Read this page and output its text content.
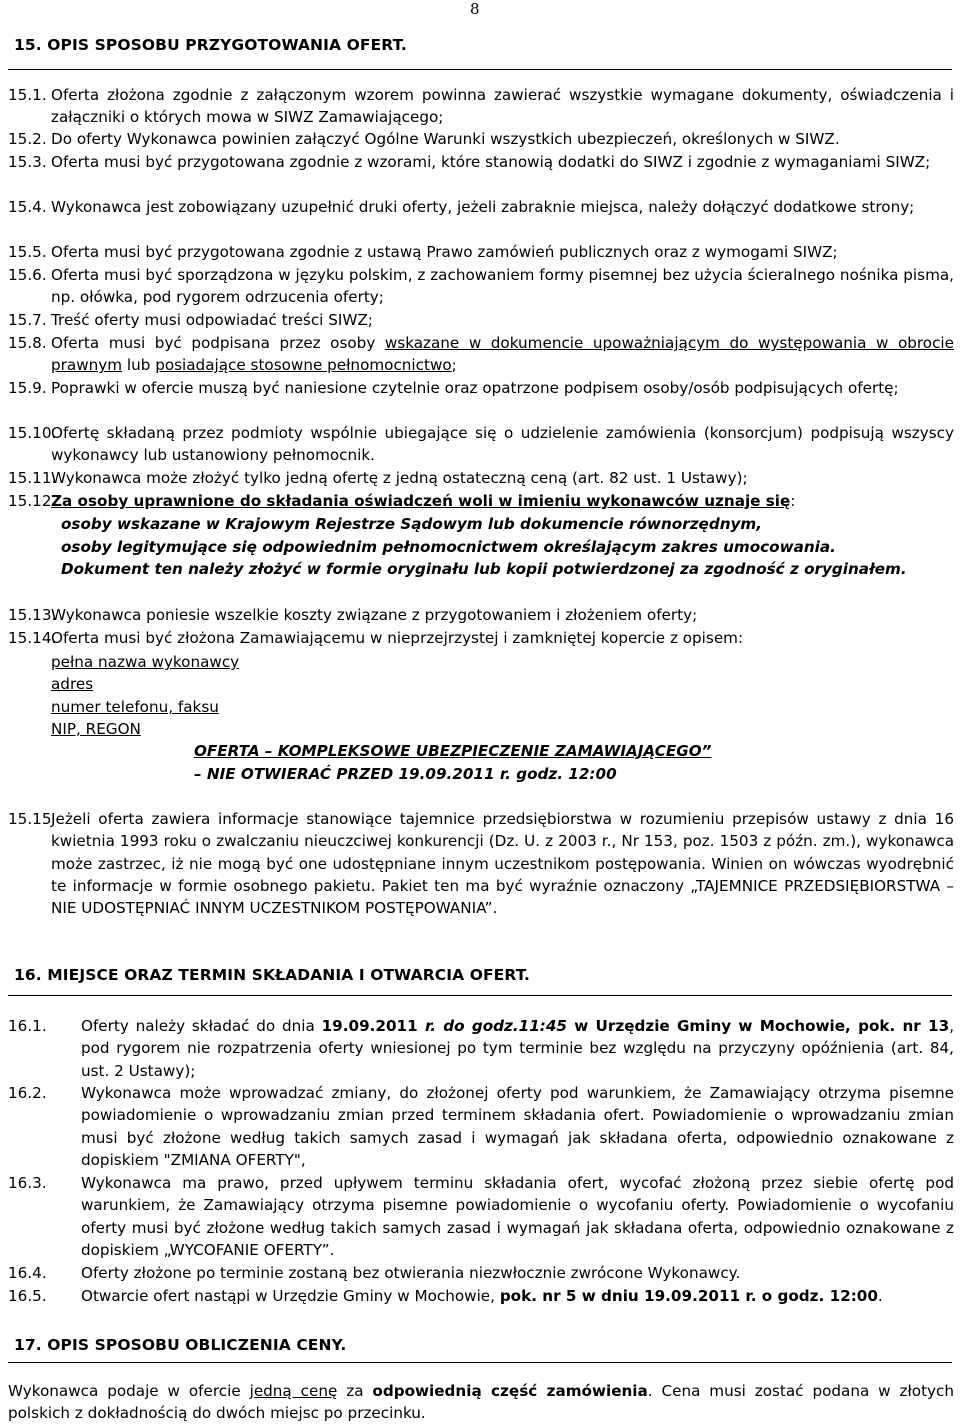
8
15. OPIS SPOSOBU PRZYGOTOWANIA OFERT.
15.1. Oferta złożona zgodnie z załączonym wzorem powinna zawierać wszystkie wymagane dokumenty, oświadczenia i załączniki o których mowa w SIWZ Zamawiającego;
15.2. Do oferty Wykonawca powinien załączyć Ogólne Warunki wszystkich ubezpieczeń, określonych w SIWZ.
15.3. Oferta musi być przygotowana zgodnie z wzorami, które stanowią dodatki do SIWZ i zgodnie z wymaganiami SIWZ;
15.4. Wykonawca jest zobowiązany uzupełnić druki oferty, jeżeli zabraknie miejsca, należy dołączyć dodatkowe strony;
15.5. Oferta musi być przygotowana zgodnie z ustawą Prawo zamówień publicznych oraz z wymogami SIWZ;
15.6. Oferta musi być sporządzona w języku polskim, z zachowaniem formy pisemnej bez użycia ścieralnego nośnika pisma, np. ołówka, pod rygorem odrzucenia oferty;
15.7. Treść oferty musi odpowiadać treści SIWZ;
15.8. Oferta musi być podpisana przez osoby wskazane w dokumencie upoważniającym do występowania w obrocie prawnym lub posiadające stosowne pełnomocnictwo;
15.9. Poprawki w ofercie muszą być naniesione czytelnie oraz opatrzone podpisem osoby/osób podpisujących ofertę;
15.10.
Ofertę składaną przez podmioty wspólnie ubiegające się o udzielenie zamówienia (konsorcjum) podpisują wszyscy wykonawcy lub ustanowiony pełnomocnik.
15.11.
Wykonawca może złożyć tylko jedną ofertę z jedną ostateczną ceną (art. 82 ust. 1 Ustawy);
15.12.
Za osoby uprawnione do składania oświadczeń woli w imieniu wykonawców uznaje się:
osoby wskazane w Krajowym Rejestrze Sądowym lub dokumencie równorzędnym,
osoby legitymujące się odpowiednim pełnomocnictwem określającym zakres umocowania.
Dokument ten należy złożyć w formie oryginału lub kopii potwierdzonej za zgodność z oryginałem.
15.13.
Wykonawca poniesie wszelkie koszty związane z przygotowaniem i złożeniem oferty;
15.14.
Oferta musi być złożona Zamawiającemu w nieprzejrzystej i zamkniętej kopercie z opisem:
pełna nazwa wykonawcy
adres
numer telefonu, faksu
NIP, REGON
OFERTA – KOMPLEKSOWE UBEZPIECZENIE ZAMAWIAJĄCEGO”
– NIE OTWIERAĆ PRZED 19.09.2011 r. godz. 12:00
15.15 Jeżeli oferta zawiera informacje stanowiące tajemnice przedsiębiorstwa w rozumieniu przepisów ustawy z dnia 16 kwietnia 1993 roku o zwalczaniu nieuczciwej konkurencji (Dz. U. z 2003 r., Nr 153, poz. 1503 z późn. zm.), wykonawca może zastrzec, iż nie mogą być one udostępniane innym uczestnikom postępowania. Winien on wówczas wyodrębnić te informacje w formie osobnego pakietu. Pakiet ten ma być wyraźnie oznaczony „TAJEMNICE PRZEDSIĘBIORSTWA – NIE UDOSTĘPNIAĆ INNYM UCZESTNIKOM POSTĘPOWANIA”.
16. MIEJSCE ORAZ TERMIN SKŁADANIA I OTWARCIA OFERT.
16.1. Oferty należy składać do dnia 19.09.2011 r. do godz.11:45 w Urzędzie Gminy w Mochowie, pok. nr 13, pod rygorem nie rozpatrzenia oferty wniesionej po tym terminie bez względu na przyczyny opóźnienia (art. 84, ust. 2 Ustawy);
16.2. Wykonawca może wprowadzać zmiany, do złożonej oferty pod warunkiem, że Zamawiający otrzyma pisemne powiadomienie o wprowadzaniu zmian przed terminem składania ofert. Powiadomienie o wprowadzaniu zmian musi być złożone według takich samych zasad i wymagań jak składana oferta, odpowiednio oznakowane z dopiskiem "ZMIANA OFERTY",
16.3. Wykonawca ma prawo, przed upływem terminu składania ofert, wycofać złożoną przez siebie ofertę pod warunkiem, że Zamawiający otrzyma pisemne powiadomienie o wycofaniu oferty. Powiadomienie o wycofaniu oferty musi być złożone według takich samych zasad i wymagań jak składana oferta, odpowiednio oznakowane z dopiskiem „WYCOFANIE OFERTY”.
16.4. Oferty złożone po terminie zostaną bez otwierania niezwłocznie zwrócone Wykonawcy.
16.5. Otwarcie ofert nastąpi w Urzędzie Gminy w Mochowie, pok. nr 5 w dniu 19.09.2011 r. o godz. 12:00.
17. OPIS SPOSOBU OBLICZENIA CENY.
Wykonawca podaje w ofercie jedną cenę za odpowiednią część zamówienia. Cena musi zostać podana w złotych polskich z dokładnością do dwóch miejsc po przecinku.
